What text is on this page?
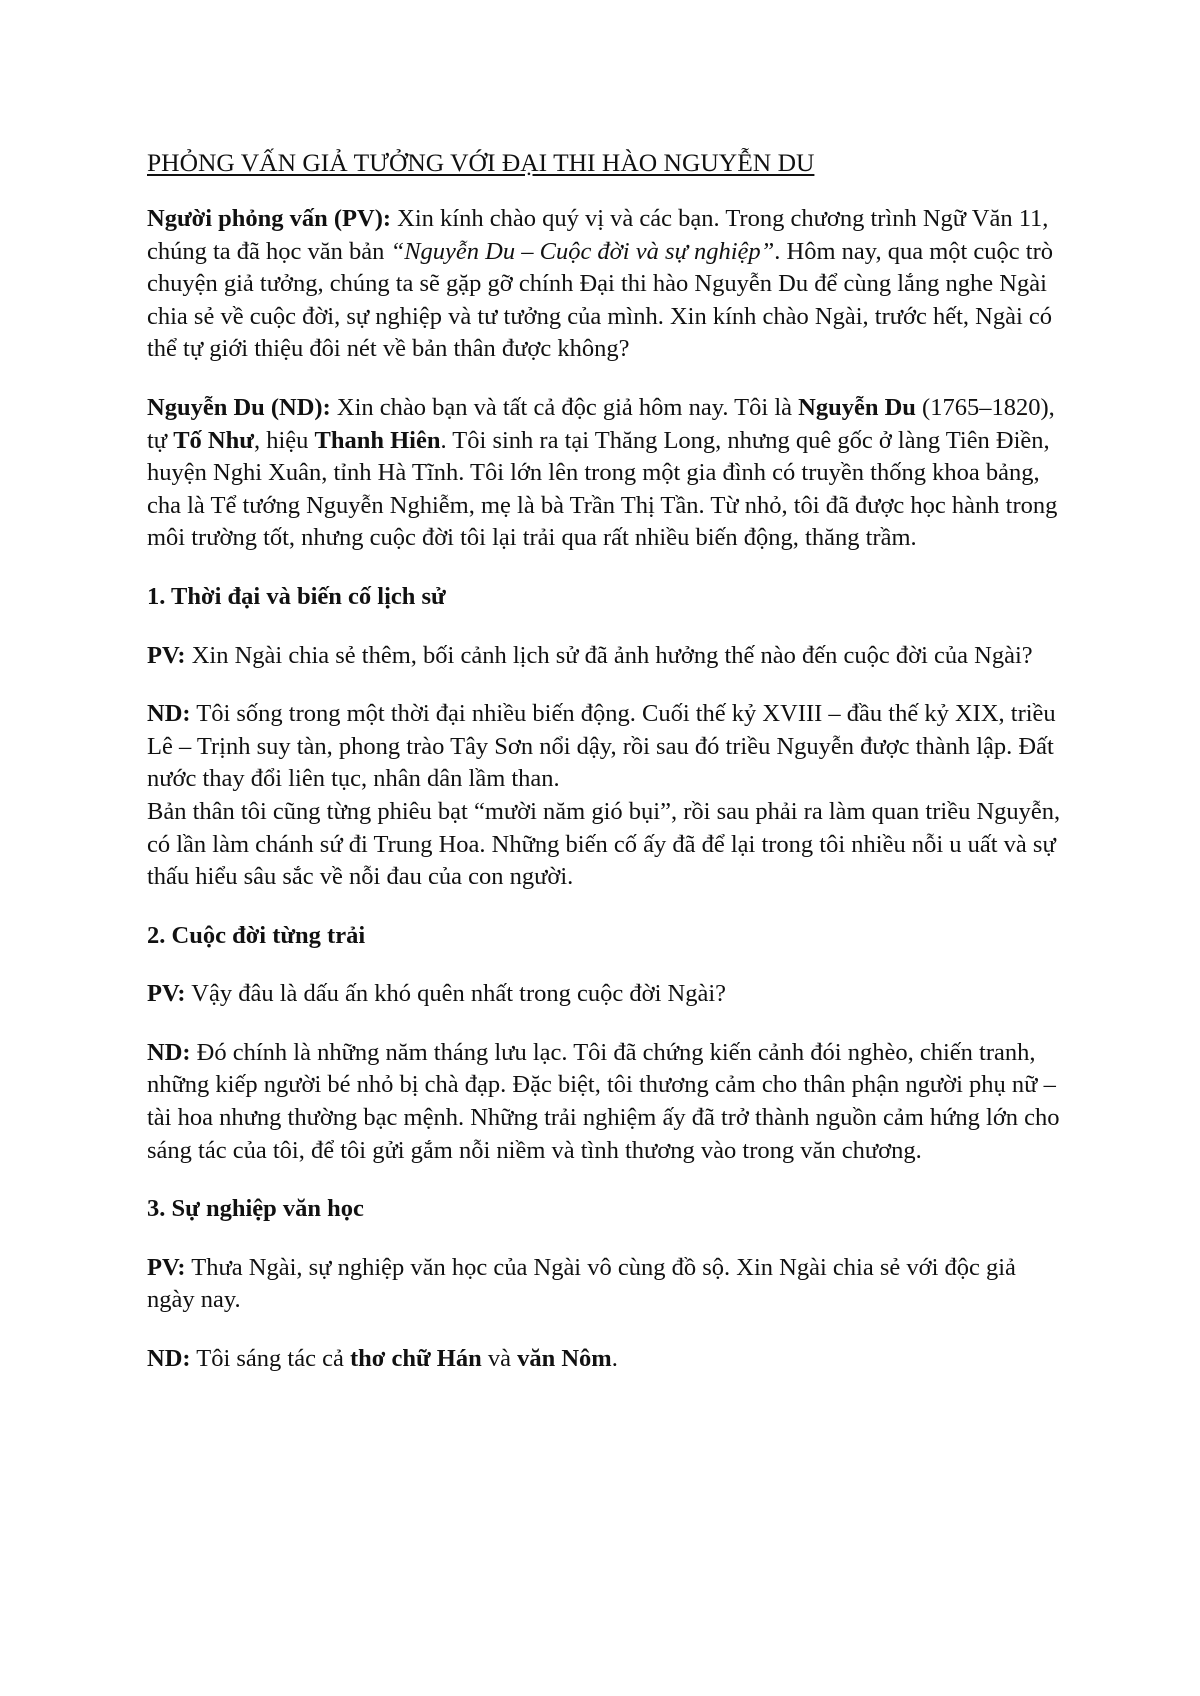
PHỎNG VẤN GIẢ TƯỞNG VỚI ĐẠI THI HÀO NGUYỄN DU

Người phỏng vấn (PV): Xin kính chào quý vị và các bạn. Trong chương trình Ngữ Văn 11, chúng ta đã học văn bản “Nguyễn Du – Cuộc đời và sự nghiệp”. Hôm nay, qua một cuộc trò chuyện giả tưởng, chúng ta sẽ gặp gỡ chính Đại thi hào Nguyễn Du để cùng lắng nghe Ngài chia sẻ về cuộc đời, sự nghiệp và tư tưởng của mình. Xin kính chào Ngài, trước hết, Ngài có thể tự giới thiệu đôi nét về bản thân được không?

Nguyễn Du (ND): Xin chào bạn và tất cả độc giả hôm nay. Tôi là Nguyễn Du (1765–1820), tự Tố Như, hiệu Thanh Hiên. Tôi sinh ra tại Thăng Long, nhưng quê gốc ở làng Tiên Điền, huyện Nghi Xuân, tỉnh Hà Tĩnh. Tôi lớn lên trong một gia đình có truyền thống khoa bảng, cha là Tể tướng Nguyễn Nghiễm, mẹ là bà Trần Thị Tần. Từ nhỏ, tôi đã được học hành trong môi trường tốt, nhưng cuộc đời tôi lại trải qua rất nhiều biến động, thăng trầm.

1. Thời đại và biến cố lịch sử

PV: Xin Ngài chia sẻ thêm, bối cảnh lịch sử đã ảnh hưởng thế nào đến cuộc đời của Ngài?

ND: Tôi sống trong một thời đại nhiều biến động. Cuối thế kỷ XVIII – đầu thế kỷ XIX, triều Lê – Trịnh suy tàn, phong trào Tây Sơn nổi dậy, rồi sau đó triều Nguyễn được thành lập. Đất nước thay đổi liên tục, nhân dân lầm than.
Bản thân tôi cũng từng phiêu bạt “mười năm gió bụi”, rồi sau phải ra làm quan triều Nguyễn, có lần làm chánh sứ đi Trung Hoa. Những biến cố ấy đã để lại trong tôi nhiều nỗi u uất và sự thấu hiểu sâu sắc về nỗi đau của con người.

2. Cuộc đời từng trải

PV: Vậy đâu là dấu ấn khó quên nhất trong cuộc đời Ngài?

ND: Đó chính là những năm tháng lưu lạc. Tôi đã chứng kiến cảnh đói nghèo, chiến tranh, những kiếp người bé nhỏ bị chà đạp. Đặc biệt, tôi thương cảm cho thân phận người phụ nữ – tài hoa nhưng thường bạc mệnh. Những trải nghiệm ấy đã trở thành nguồn cảm hứng lớn cho sáng tác của tôi, để tôi gửi gắm nỗi niềm và tình thương vào trong văn chương.

3. Sự nghiệp văn học

PV: Thưa Ngài, sự nghiệp văn học của Ngài vô cùng đồ sộ. Xin Ngài chia sẻ với độc giả ngày nay.

ND: Tôi sáng tác cả thơ chữ Hán và văn Nôm.
